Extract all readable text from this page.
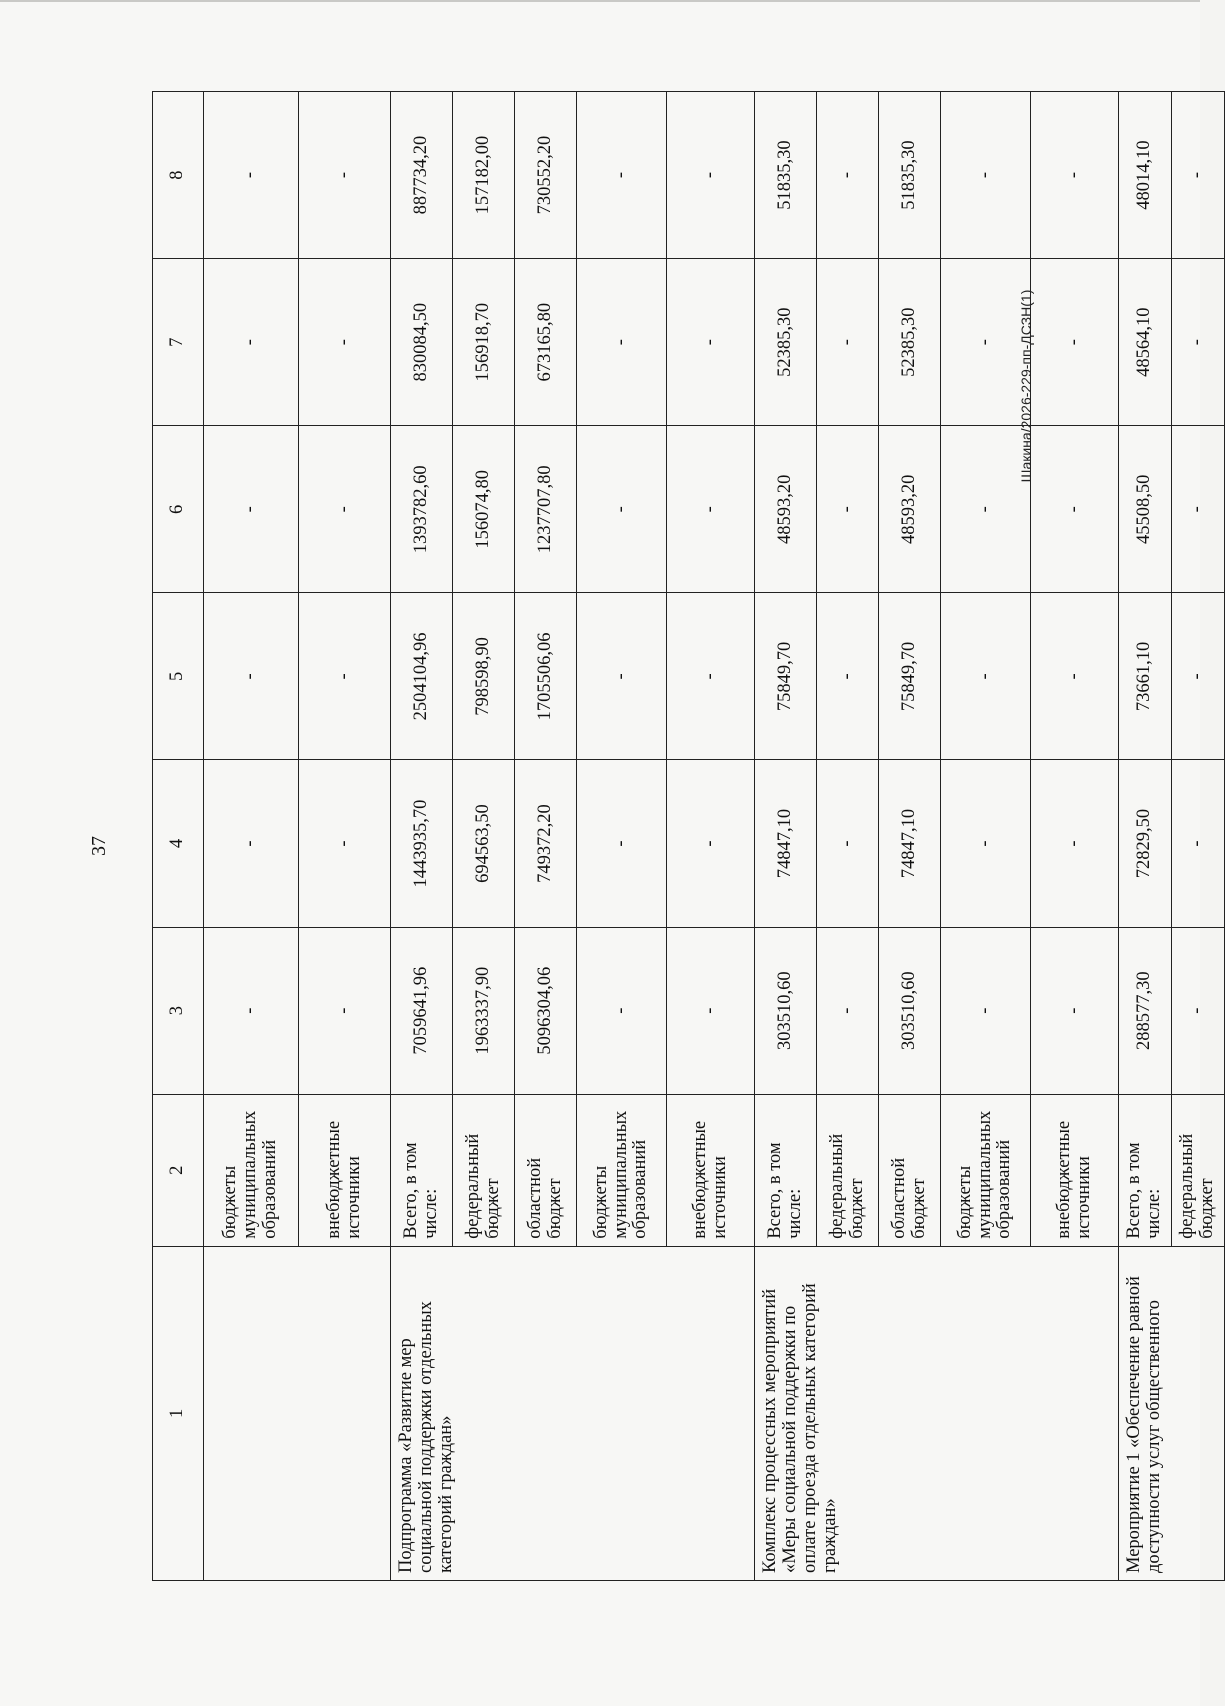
37
1	2	3	4	5	6	7	8
	бюджеты муниципальных образований	-	-	-	-	-	-
	внебюджетные источники	-	-	-	-	-	-
Подпрограмма «Развитие мер социальной поддержки отдельных категорий граждан»	Всего, в том числе:	7059641,96	1443935,70	2504104,96	1393782,60	830084,50	887734,20
	федеральный бюджет	1963337,90	694563,50	798598,90	156074,80	156918,70	157182,00
	областной бюджет	5096304,06	749372,20	1705506,06	1237707,80	673165,80	730552,20
	бюджеты муниципальных образований	-	-	-	-	-	-
	внебюджетные источники	-	-	-	-	-	-
Комплекс процессных мероприятий «Меры социальной поддержки по оплате проезда отдельных категорий граждан»	Всего, в том числе:	303510,60	74847,10	75849,70	48593,20	52385,30	51835,30
	федеральный бюджет	-	-	-	-	-	-
	областной бюджет	303510,60	74847,10	75849,70	48593,20	52385,30	51835,30
	бюджеты муниципальных образований	-	-	-	-	-	-
	внебюджетные источники	-	-	-	-	-	-
Мероприятие 1 «Обеспечение равной доступности услуг общественного	Всего, в том числе:	288577,30	72829,50	73661,10	45508,50	48564,10	48014,10
	федеральный бюджет	-	-	-	-	-	-
Шакина/2026-229-пп-ДСЗН(1)
